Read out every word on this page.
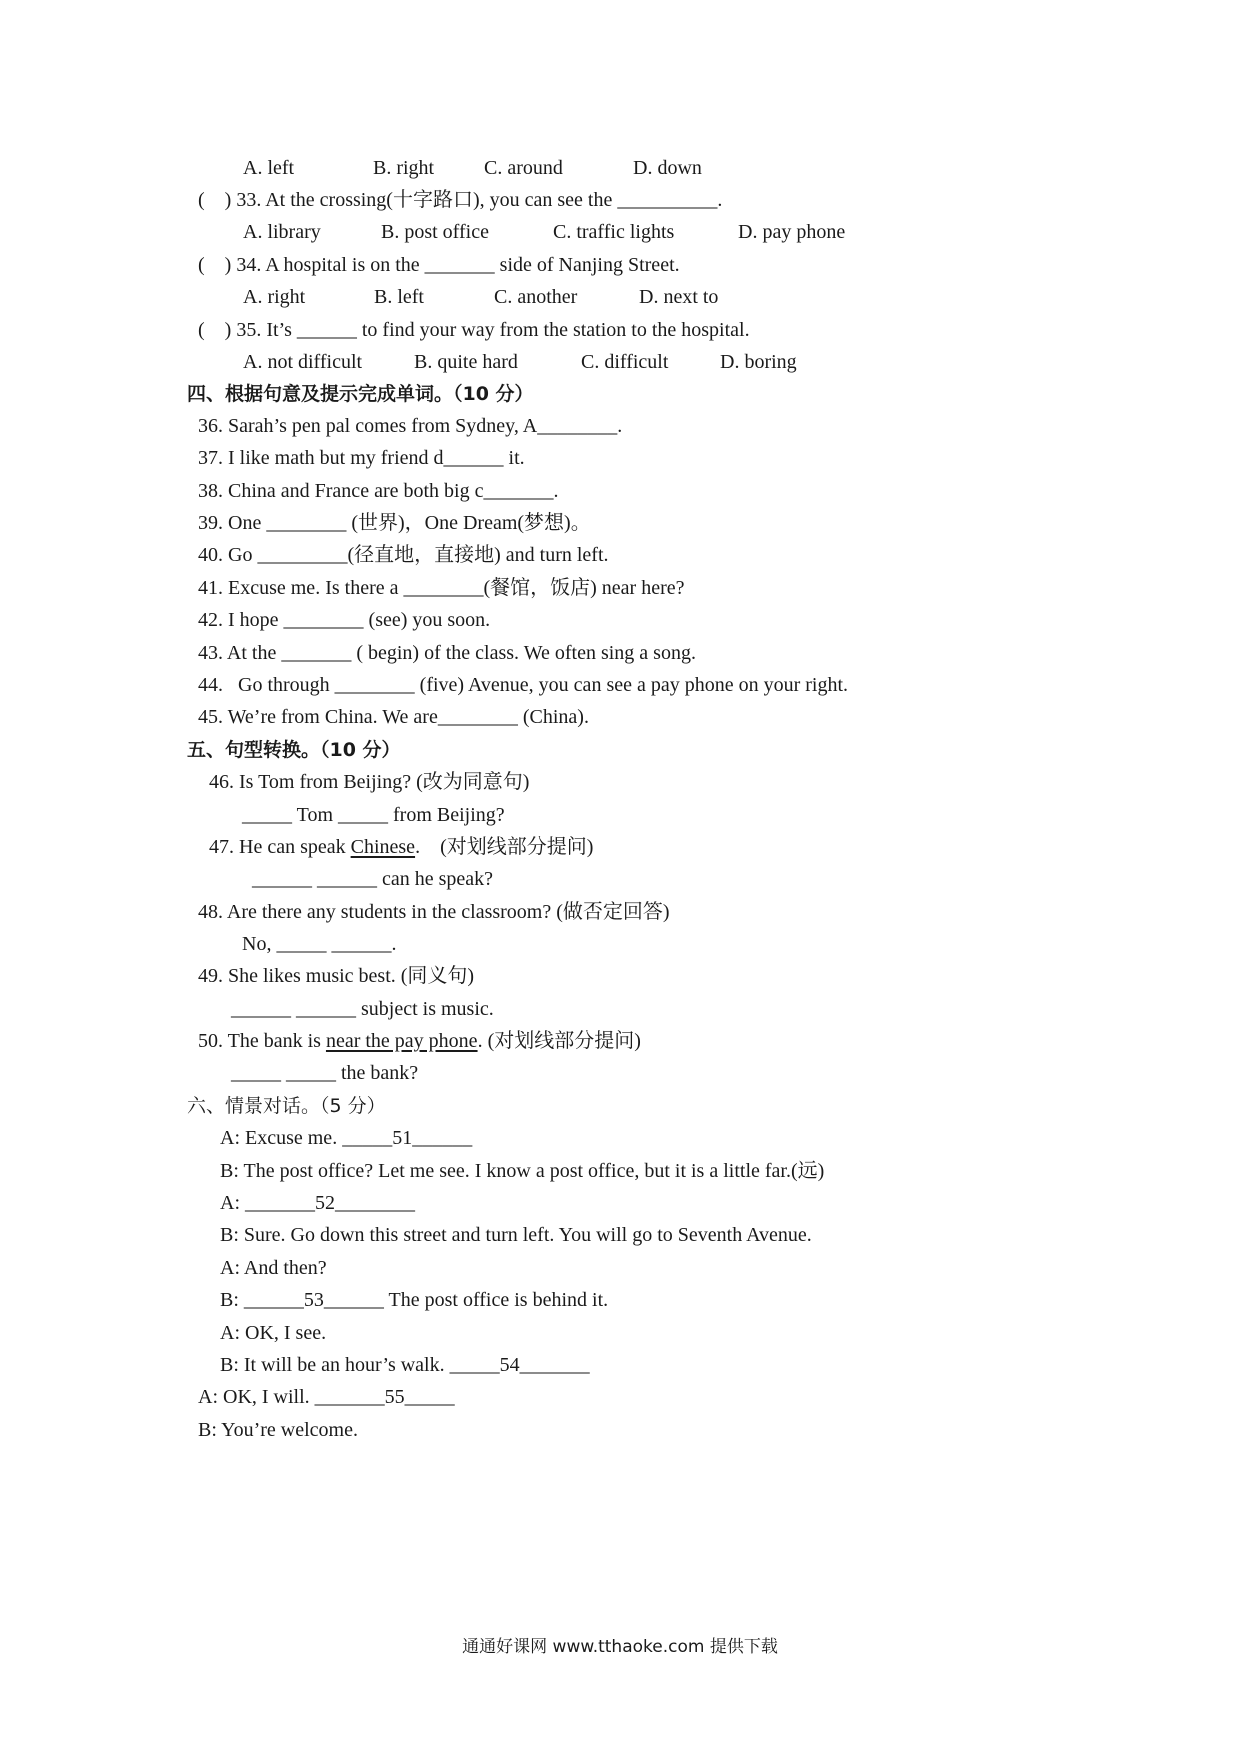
A. left	B. right C. around	D. down
(    ) 33. At the crossing(十字路口), you can see the __________.
A. library	B. post office	C. traffic lights	D. pay phone
(    ) 34. A hospital is on the _______ side of Nanjing Street.
A. right	B. left	C. another	D. next to
(    ) 35. It’s ______ to find your way from the station to the hospital.
A. not difficult	B. quite hard	C. difficult	D. boring
四、根据句意及提示完成单词。（10 分）
36. Sarah’s pen pal comes from Sydney, A________.
37. I like math but my friend d______ it.
38. China and France are both big c_______.
39. One ________ (世界)，One Dream(梦想)。
40. Go _________(径直地，直接地) and turn left.
41. Excuse me. Is there a ________(餐馆，饭店) near here?
42. I hope ________ (see) you soon.
43. At the _______ ( begin) of the class. We often sing a song.
44.   Go through ________ (five) Avenue, you can see a pay phone on your right.
45. We’re from China. We are________ (China).
五、句型转换。（10 分）
46. Is Tom from Beijing? (改为同意句)
_____ Tom _____ from Beijing?
47. He can speak Chinese.    (对划线部分提问)
______ ______ can he speak?
48. Are there any students in the classroom? (做否定回答)
No, _____ ______.
49. She likes music best. (同义句)
______ ______ subject is music.
50. The bank is near the pay phone. (对划线部分提问)
_____ _____ the bank?
六、情景对话。（5 分）
A: Excuse me. _____51______
B: The post office? Let me see. I know a post office, but it is a little far.(远)
A: _______52________
B: Sure. Go down this street and turn left. You will go to Seventh Avenue.
A: And then?
B: ______53______ The post office is behind it.
A: OK, I see.
B: It will be an hour’s walk. _____54_______
A: OK, I will. _______55_____
B: You’re welcome.
通通好课网 www.tthaoke.com 提供下载
